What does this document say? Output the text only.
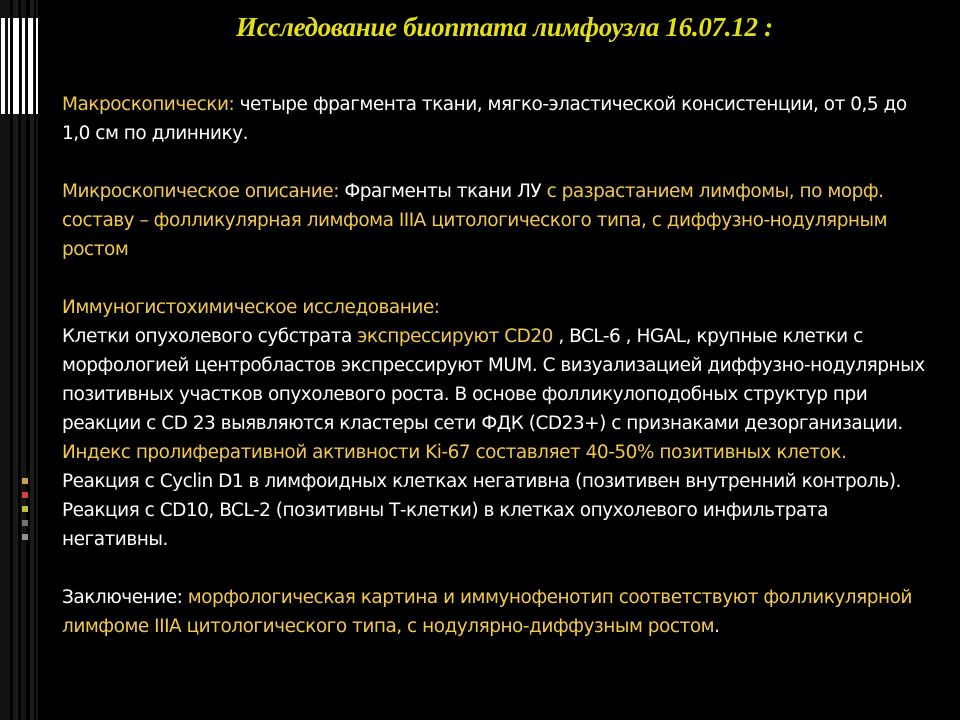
Исследование биоптата лимфоузла 16.07.12 :

Макроскопически: четыре фрагмента ткани, мягко-эластической консистенции, от 0,5 до 1,0 см по длиннику.

Микроскопическое описание: Фрагменты ткани ЛУ с разрастанием лимфомы, по морф. составу – фолликулярная лимфома IIIA цитологического типа, с диффузно-нодулярным ростом

Иммуногистохимическое исследование:

Клетки опухолевого субстрата экспрессируют CD20 , BCL-6 , HGAL, крупные клетки с морфологией центробластов экспрессируют MUM. С визуализацией диффузно-нодулярных позитивных участков опухолевого роста. В основе фолликулоподобных структур при реакции с CD 23 выявляются кластеры сети ФДК (CD23+) с признаками дезорганизации.

Индекс пролиферативной активности Ki-67 составляет 40-50% позитивных клеток.

Реакция с Cyclin D1 в лимфоидных клетках негативна (позитивен внутренний контроль). Реакция с CD10, BCL-2 (позитивны Т-клетки) в клетках опухолевого инфильтрата негативны.

Заключение: морфологическая картина и иммунофенотип соответствуют фолликулярной лимфоме IIIA цитологического типа, с нодулярно-диффузным ростом.
